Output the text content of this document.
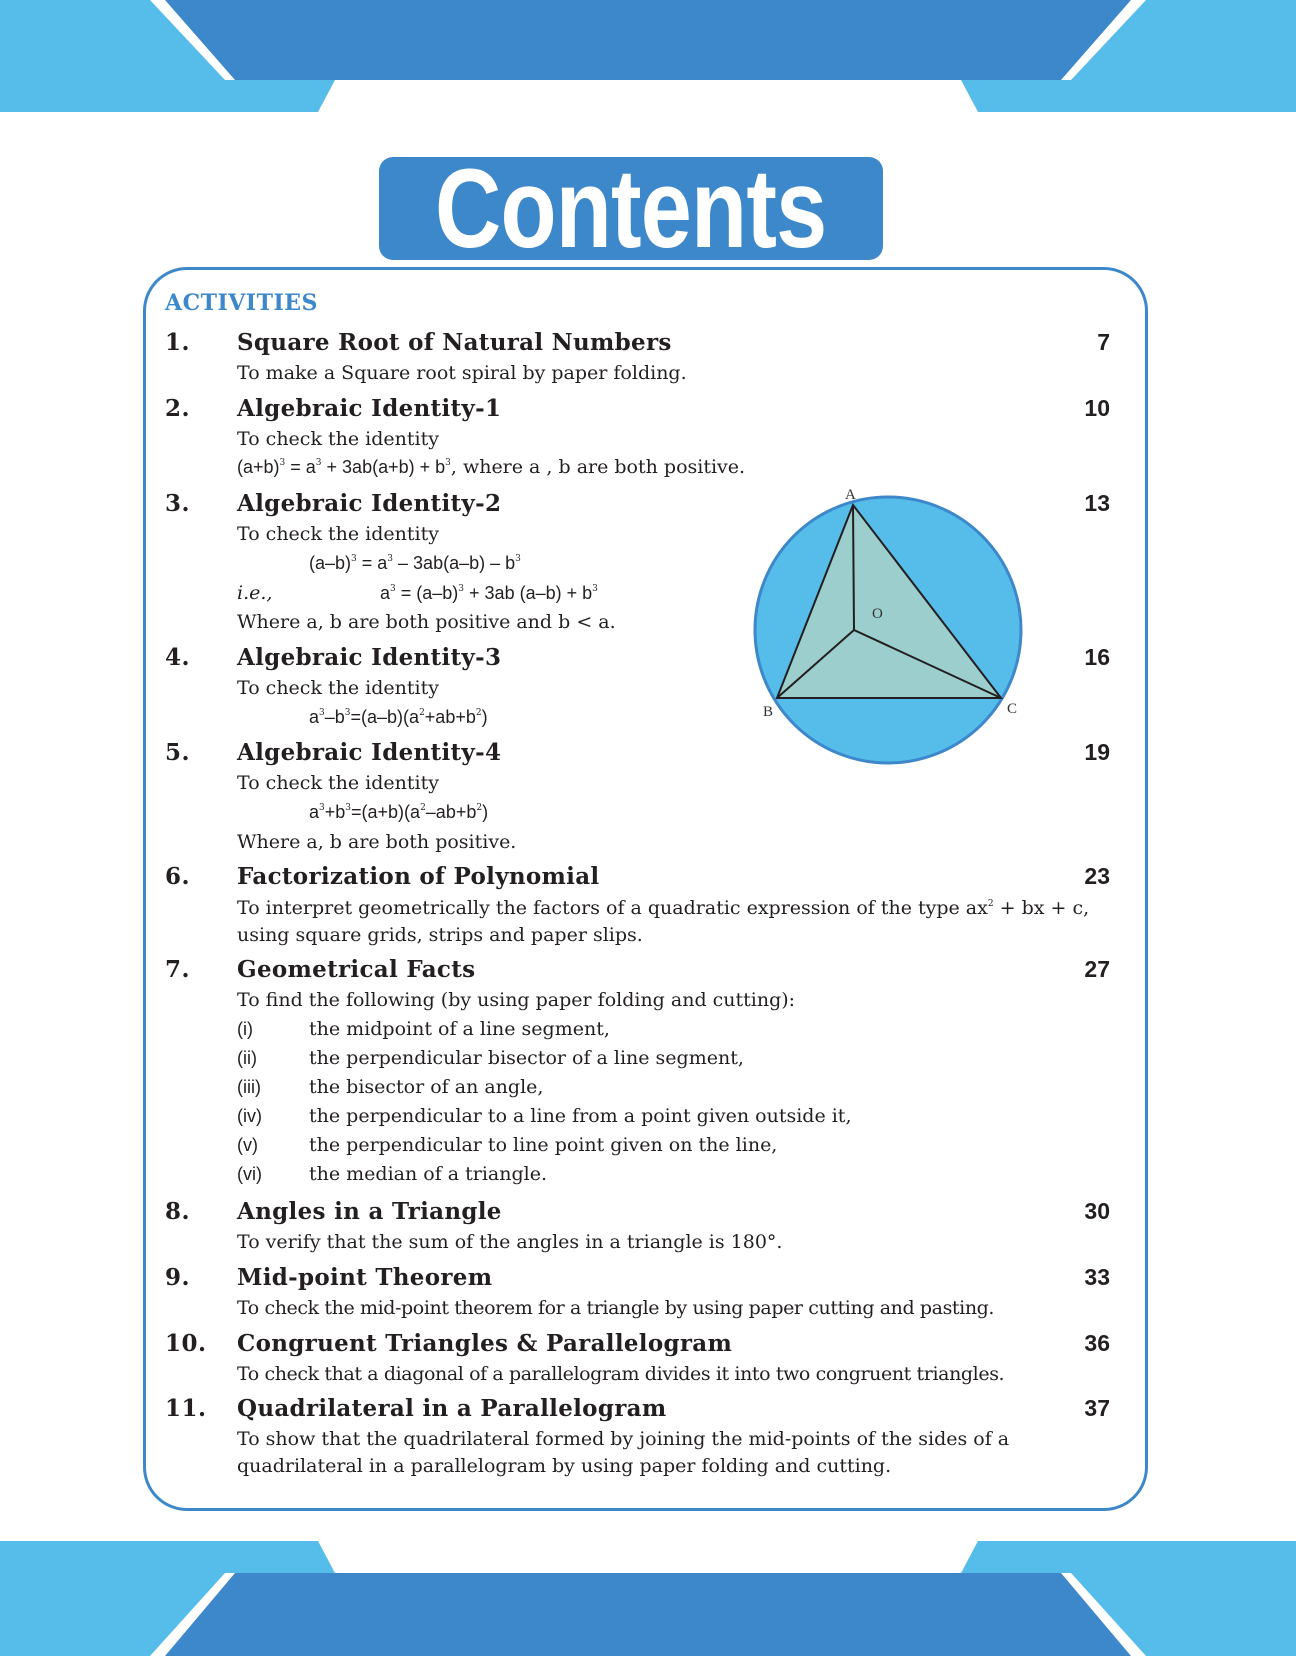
Contents
ACTIVITIES
1.	Square Root of Natural Numbers	7
To make a Square root spiral by paper folding.
2.	Algebraic Identity-1	10
To check the identity
$(a+b)^3 = a^3 + 3ab(a+b) + b^3$, where a , b are both positive.
3.	Algebraic Identity-2	13
To check the identity
$(a-b)^3 = a^3 - 3ab(a-b) - b^3$
i.e.,	$a^3 = (a-b)^3 + 3ab$ $(a-b) + b^3$
Where a, b are both positive and b < a.
4.	Algebraic Identity-3	16
To check the identity
$a^3-b^3=(a-b)(a^2+ab+b^2)$
5.	Algebraic Identity-4	19
To check the identity
$a^3+b^3=(a+b)(a^2-ab+b^2)$
Where a, b are both positive.
6.	Factorization of Polynomial	23
To interpret geometrically the factors of a quadratic expression of the type $ax^2$ + bx + c,
using square grids, strips and paper slips.
7.	Geometrical Facts	27
To find the following (by using paper folding and cutting):
(i)	the midpoint of a line segment,
(ii)	the perpendicular bisector of a line segment,
(iii)	the bisector of an angle,
(iv) the perpendicular to a line from a point given outside it,
(v)	the perpendicular to line point given on the line,
(vi) the median of a triangle.
8.	Angles in a Triangle	30
To verify that the sum of the angles in a triangle is 180°.
9.	Mid-point Theorem	33
To check the mid-point theorem for a triangle by using paper cutting and pasting.
10.	Congruent Triangles & Parallelogram	36
To check that a diagonal of a parallelogram divides it into two congruent triangles.
11.	Quadrilateral in a Parallelogram	37
To show that the quadrilateral formed by joining the mid-points of the sides of a quadrilateral in a parallelogram by using paper folding and cutting.
A
B	C
O
